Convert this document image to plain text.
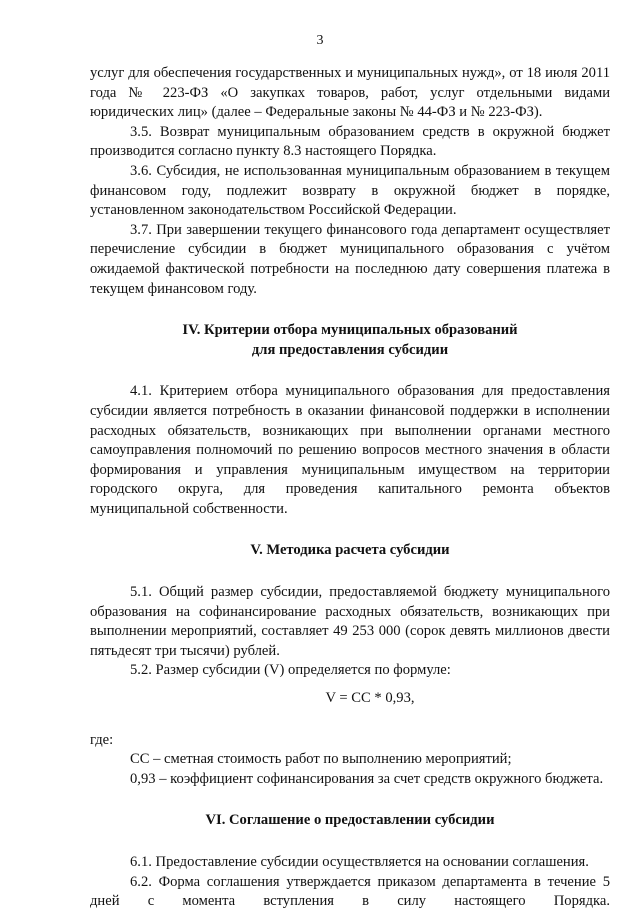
3

услуг для обеспечения государственных и муниципальных нужд», от 18 июля 2011 года № 223-ФЗ «О закупках товаров, работ, услуг отдельными видами юридических лиц» (далее – Федеральные законы № 44-ФЗ и № 223-ФЗ).

3.5. Возврат муниципальным образованием средств в окружной бюджет производится согласно пункту 8.3 настоящего Порядка.

3.6. Субсидия, не использованная муниципальным образованием в текущем финансовом году, подлежит возврату в окружной бюджет в порядке, установленном законодательством Российской Федерации.

3.7. При завершении текущего финансового года департамент осуществляет перечисление субсидии в бюджет муниципального образования с учётом ожидаемой фактической потребности на последнюю дату совершения платежа в текущем финансовом году.

IV. Критерии отбора муниципальных образований

для предоставления субсидии

4.1. Критерием отбора муниципального образования для предоставления субсидии является потребность в оказании финансовой поддержки в исполнении расходных обязательств, возникающих при выполнении органами местного самоуправления полномочий по решению вопросов местного значения в области формирования и управления муниципальным имуществом на территории городского округа, для проведения капитального ремонта объектов муниципальной собственности.

V. Методика расчета субсидии

5.1. Общий размер субсидии, предоставляемой бюджету муниципального образования на софинансирование расходных обязательств, возникающих при выполнении мероприятий, составляет 49 253 000 (сорок девять миллионов двести пятьдесят три тысячи) рублей.

5.2. Размер субсидии (V) определяется по формуле:

V = CC * 0,93,

где:

CC – сметная стоимость работ по выполнению мероприятий;

0,93 – коэффициент софинансирования за счет средств окружного бюджета.

VI. Соглашение о предоставлении субсидии

6.1. Предоставление субсидии осуществляется на основании соглашения.

6.2. Форма соглашения утверждается приказом департамента в течение 5 дней с момента вступления в силу настоящего Порядка.
